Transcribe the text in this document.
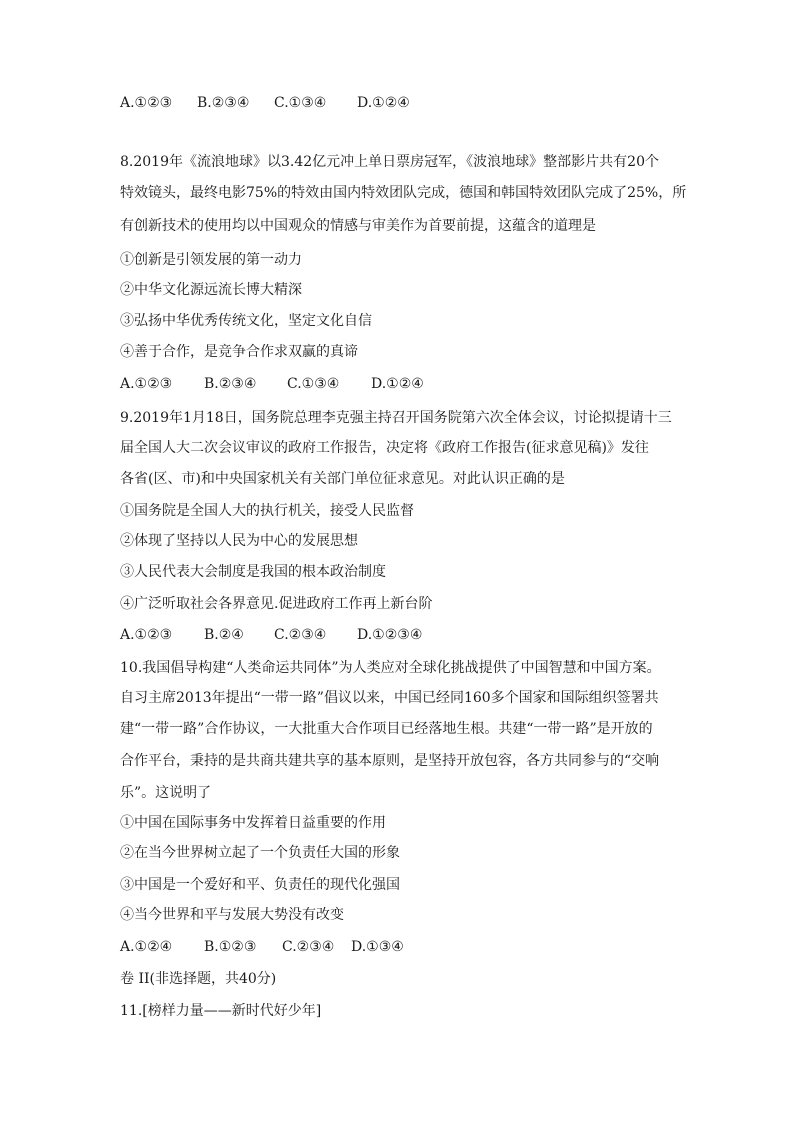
A.①②③ B.②③④ C.①③④ D.①②④
8.2019年《流浪地球》以3.42亿元冲上单日票房冠军，《波浪地球》整部影片共有20个
特效镜头，最终电影75%的特效由国内特效团队完成，德国和韩国特效团队完成了25%，所
有创新技术的使用均以中国观众的情感与审美作为首要前提，这蕴含的道理是
①创新是引领发展的第一动力
②中华文化源远流长博大精深
③弘扬中华优秀传统文化，坚定文化自信
④善于合作，是竞争合作求双赢的真谛
A.①②③ B.②③④ C.①③④ D.①②④
9.2019年1月18日，国务院总理李克强主持召开国务院第六次全体会议，讨论拟提请十三
届全国人大二次会议审议的政府工作报告，决定将《政府工作报告(征求意见稿)》发往
各省(区、市)和中央国家机关有关部门单位征求意见。对此认识正确的是
①国务院是全国人大的执行机关，接受人民监督
②体现了坚持以人民为中心的发展思想
③人民代表大会制度是我国的根本政治制度
④广泛听取社会各界意见.促进政府工作再上新台阶
A.①②③ B.②④ C.②③④ D.①②③④
10.我国倡导构建“人类命运共同体”为人类应对全球化挑战提供了中国智慧和中国方案。
自习主席2013年提出“一带一路”倡议以来，中国已经同160多个国家和国际组织签署共
建“一带一路”合作协议，一大批重大合作项目已经落地生根。共建“一带一路”是开放的
合作平台，秉持的是共商共建共享的基本原则，是坚持开放包容，各方共同参与的“交响
乐”。这说明了
①中国在国际事务中发挥着日益重要的作用
②在当今世界树立起了一个负责任大国的形象
③中国是一个爱好和平、负责任的现代化强国
④当今世界和平与发展大势没有改变
A.①②④ B.①②③ C.②③④ D.①③④
卷 II(非选择题，共40分)
11.[榜样力量——新时代好少年]
